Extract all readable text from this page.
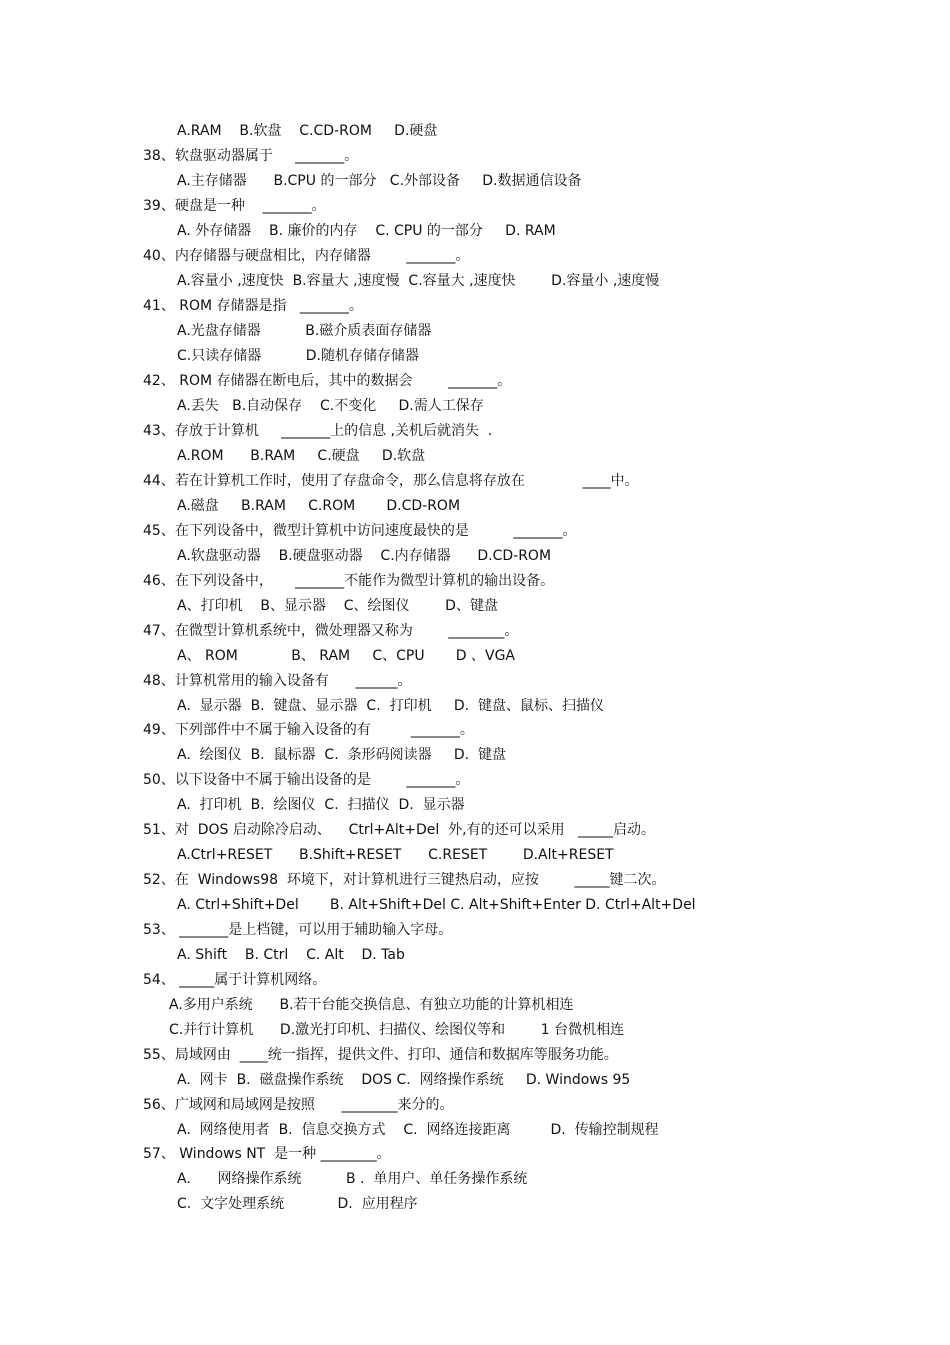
A.RAM    B.软盘    C.CD-ROM     D.硬盘
38、软盘驱动器属于     _______。
A.主存储器      B.CPU 的一部分   C.外部设备     D.数据通信设备
39、硬盘是一种    _______。
A. 外存储器    B. 廉价的内存    C. CPU 的一部分     D. RAM
40、内存储器与硬盘相比，内存储器        _______。
A.容量小 ,速度快  B.容量大 ,速度慢  C.容量大 ,速度快        D.容量小 ,速度慢
41、 ROM 存储器是指   _______。
A.光盘存储器          B.磁介质表面存储器
C.只读存储器          D.随机存储存储器
42、 ROM 存储器在断电后，其中的数据会        _______。
A.丢失   B.自动保存    C.不变化     D.需人工保存
43、存放于计算机     _______上的信息 ,关机后就消失  .
A.ROM      B.RAM     C.硬盘     D.软盘
44、若在计算机工作时，使用了存盘命令，那么信息将存放在             ____中。
A.磁盘     B.RAM     C.ROM       D.CD-ROM
45、在下列设备中，微型计算机中访问速度最快的是          _______。
A.软盘驱动器    B.硬盘驱动器    C.内存储器      D.CD-ROM
46、在下列设备中，     _______不能作为微型计算机的输出设备。
A、打印机    B、显示器    C、绘图仪        D、键盘
47、在微型计算机系统中，微处理器又称为        ________。
A、 ROM            B、 RAM     C、CPU       D 、VGA
48、计算机常用的输入设备有      ______。
A.  显示器  B.  键盘、显示器  C.  打印机     D.  键盘、鼠标、扫描仪
49、下列部件中不属于输入设备的有         _______。
A.  绘图仪  B.  鼠标器  C.  条形码阅读器     D.  键盘
50、以下设备中不属于输出设备的是        _______。
A.  打印机  B.  绘图仪  C.  扫描仪  D.  显示器
51、对  DOS 启动除冷启动、    Ctrl+Alt+Del  外,有的还可以采用   _____启动。
A.Ctrl+RESET      B.Shift+RESET      C.RESET        D.Alt+RESET
52、在  Windows98  环境下，对计算机进行三键热启动，应按        _____键二次。
A. Ctrl+Shift+Del       B. Alt+Shift+Del C. Alt+Shift+Enter D. Ctrl+Alt+Del
53、 _______是上档键，可以用于辅助输入字母。
A. Shift    B. Ctrl    C. Alt    D. Tab
54、 _____属于计算机网络。
A.多用户系统      B.若干台能交换信息、有独立功能的计算机相连
C.并行计算机      D.激光打印机、扫描仪、绘图仪等和        1 台微机相连
55、局域网由  ____统一指挥，提供文件、打印、通信和数据库等服务功能。
A.  网卡  B.  磁盘操作系统    DOS C.  网络操作系统     D. Windows 95
56、广域网和局域网是按照      ________来分的。
A.  网络使用者  B.  信息交换方式    C.  网络连接距离         D.  传输控制规程
57、 Windows NT  是一种 ________。
A.      网络操作系统          B .  单用户、单任务操作系统
C.  文字处理系统            D.  应用程序
